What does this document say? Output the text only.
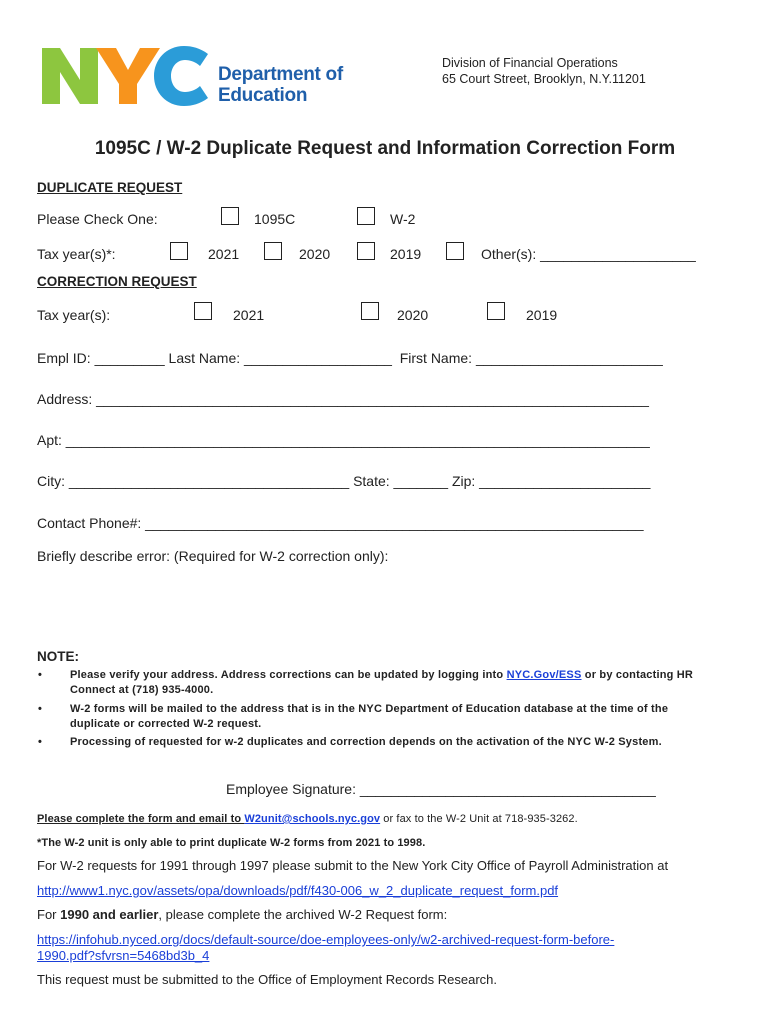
Department of
Education
Division of Financial Operations
65 Court Street, Brooklyn, N.Y.11201
1095C / W-2 Duplicate Request and Information Correction Form
DUPLICATE REQUEST
Please Check One:	1095C	W-2
Tax year(s)*:	2021	2020	2019	Other(s): ____________________
CORRECTION REQUEST
Tax year(s):	2021	2020	2019
Empl ID: _________ Last Name: ___________________  First Name: ________________________
Address: _______________________________________________________________________
Apt: ___________________________________________________________________________
City: ____________________________________ State: _______ Zip: ______________________
Contact Phone#: ________________________________________________________________
Briefly describe error: (Required for W-2 correction only):
NOTE:
•	Please verify your address. Address corrections can be updated by logging into NYC.Gov/ESS or by contacting HR Connect at (718) 935-4000.
•	W-2 forms will be mailed to the address that is in the NYC Department of Education database at the time of the duplicate or corrected W-2 request.
•	Processing of requested for w-2 duplicates and correction depends on the activation of the NYC W-2 System.
Employee Signature: ______________________________________
Please complete the form and email to W2unit@schools.nyc.gov or fax to the W-2 Unit at 718-935-3262.
*The W-2 unit is only able to print duplicate W-2 forms from 2021 to 1998.
For W-2 requests for 1991 through 1997 please submit to the New York City Office of Payroll Administration at
http://www1.nyc.gov/assets/opa/downloads/pdf/f430-006_w_2_duplicate_request_form.pdf
For 1990 and earlier, please complete the archived W-2 Request form:
https://infohub.nyced.org/docs/default-source/doe-employees-only/w2-archived-request-form-before-
1990.pdf?sfvrsn=5468bd3b_4
This request must be submitted to the Office of Employment Records Research.
